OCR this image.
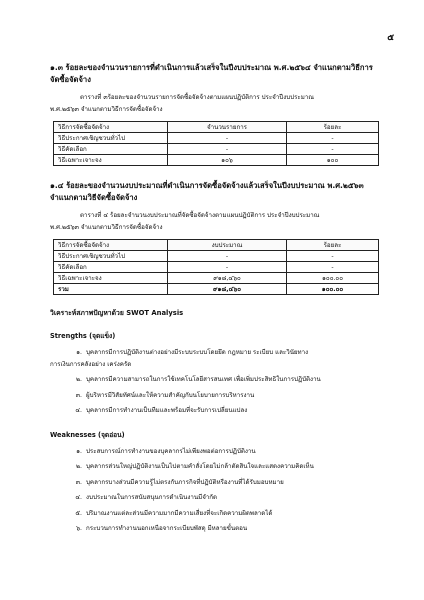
๕

๑.๓ ร้อยละของจำนวนรายการที่ดำเนินการแล้วเสร็จในปีงบประมาณ พ.ศ.๒๕๖๔ จำแนกตามวิธีการ
จัดซื้อจัดจ้าง

ตารางที่ ๓ร้อยละของจำนวนรายการจัดซื้อจัดจ้างตามแผนปฏิบัติการ ประจำปีงบประมาณ
พ.ศ.๒๕๖๓ จำแนกตามวิธีการจัดซื้อจัดจ้าง

วิธีการจัดซื้อจัดจ้าง	จำนวนรายการ	ร้อยละ
วิธีประกาศเชิญชวนทั่วไป	-	-
วิธีคัดเลือก	-	-
วิธีเฉพาะเจาะจง	๑๐๖	๑๐๐

๑.๔ ร้อยละของจำนวนงบประมาณที่ดำเนินการจัดซื้อจัดจ้างแล้วเสร็จในปีงบประมาณ พ.ศ.๒๕๖๓
จำแนกตามวิธีจัดซื้อจัดจ้าง

ตารางที่ ๔ ร้อยละจำนวนงบประมาณที่จัดซื้อจัดจ้างตามแผนปฏิบัติการ ประจำปีงบประมาณ
พ.ศ.๒๕๖๓ จำแนกตามวิธีการจัดซื้อจัดจ้าง

วิธีการจัดซื้อจัดจ้าง	งบประมาณ	ร้อยละ
วิธีประกาศเชิญชวนทั่วไป	-	-
วิธีคัดเลือก	-	-
วิธีเฉพาะเจาะจง	๙๑๘,๔๖๐	๑๐๐.๐๐
รวม	๙๑๘,๔๖๐	๑๐๐.๐๐
วิเคราะห์สภาพปัญหาด้วย SWOT Analysis
Strengths (จุดแข็ง)
๑. บุคลากรมีการปฏิบัติงานต่างอย่างมีระบบระบบโดยยึด กฎหมาย ระเบียบ และวินัยทาง
การเงินการคลังอย่าง เคร่งครัด
๒. บุคลากรมีความสามารถในการใช้เทคโนโลยีสารสนเทศ เพื่อเพิ่มประสิทธิในการปฏิบัติงาน
๓. ผู้บริหารมีวิสัยทัศน์และให้ความสำคัญกับนโยบายการบริหารงาน
๔. บุคลากรมีการทำงานเป็นทีมและพร้อมที่จะรับการเปลี่ยนแปลง
Weaknesses (จุดอ่อน)
๑. ประสบการณ์การทำงานของบุคลากรไม่เพียงพอต่อการปฏิบัติงาน
๒. บุคลากรส่วนใหญ่ปฏิบัติงานเป็นไปตามคำสั่งโดยไม่กล้าตัดสินใจและแสดงความคิดเห็น
๓. บุคลากรบางส่วนมีความรู้ไม่ตรงกับภารกิจที่ปฏิบัติหรืองานที่ได้รับมอบหมาย
๔. งบประมาณในการสนับสนุนการดำเนินงานมีจำกัด
๕. ปริมาณงานแต่ละส่วนมีความมากมีความเสี่ยงที่จะเกิดความผิดพลาดได้
๖. กระบวนการทำงานนอกเหนือจากระเบียบพัสดุ มีหลายขั้นตอน
